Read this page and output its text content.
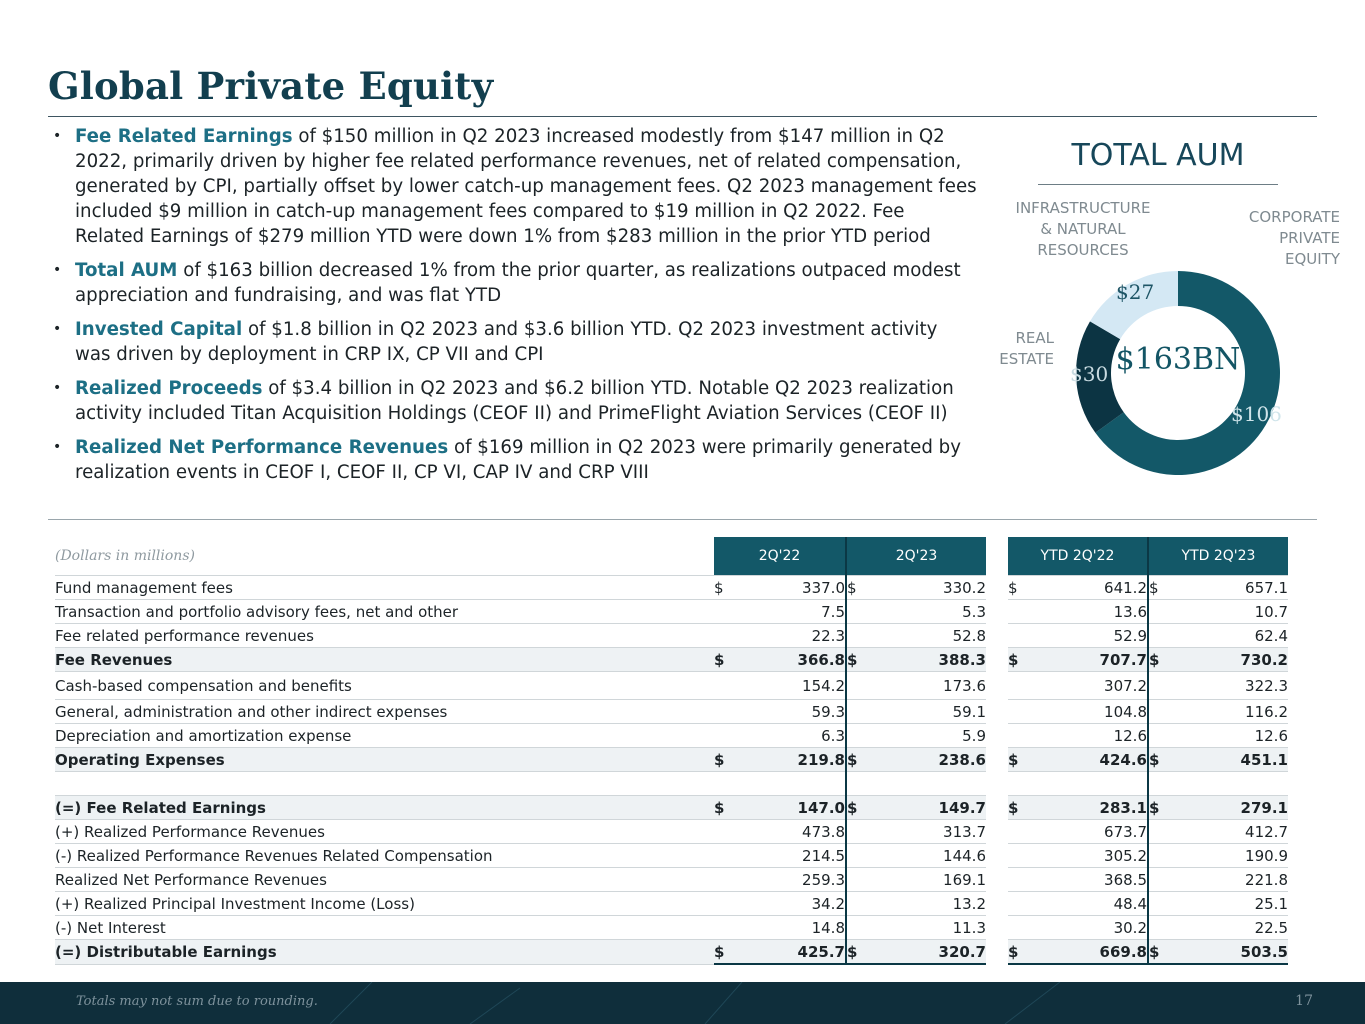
Global Private Equity
• Fee Related Earnings of $150 million in Q2 2023 increased modestly from $147 million in Q2 2022, primarily driven by higher fee related performance revenues, net of related compensation, generated by CPI, partially offset by lower catch-up management fees. Q2 2023 management fees included $9 million in catch-up management fees compared to $19 million in Q2 2022. Fee Related Earnings of $279 million YTD were down 1% from $283 million in the prior YTD period
• Total AUM of $163 billion decreased 1% from the prior quarter, as realizations outpaced modest appreciation and fundraising, and was flat YTD
• Invested Capital of $1.8 billion in Q2 2023 and $3.6 billion YTD. Q2 2023 investment activity was driven by deployment in CRP IX, CP VII and CPI
• Realized Proceeds of $3.4 billion in Q2 2023 and $6.2 billion YTD. Notable Q2 2023 realization activity included Titan Acquisition Holdings (CEOF II) and PrimeFlight Aviation Services (CEOF II)
• Realized Net Performance Revenues of $169 million in Q2 2023 were primarily generated by realization events in CEOF I, CEOF II, CP VI, CAP IV and CRP VIII
TOTAL AUM
INFRASTRUCTURE
& NATURAL
RESOURCES
CORPORATE
PRIVATE
EQUITY
REAL
ESTATE
$106
$30
$27
$163BN
(Dollars in millions)	2Q'22		2Q'23			YTD 2Q'22		YTD 2Q'23	
Fund management fees	$	337.0	$	330.2		$	641.2	$	657.1
Transaction and portfolio advisory fees, net and other		7.5		5.3			13.6		10.7
Fee related performance revenues		22.3		52.8			52.9		62.4
Fee Revenues	$	366.8	$	388.3		$	707.7	$	730.2
Cash-based compensation and benefits		154.2		173.6			307.2		322.3
General, administration and other indirect expenses		59.3		59.1			104.8		116.2
Depreciation and amortization expense		6.3		5.9			12.6		12.6
Operating Expenses	$	219.8	$	238.6		$	424.6	$	451.1

(=) Fee Related Earnings	$	147.0	$	149.7		$	283.1	$	279.1
(+) Realized Performance Revenues		473.8		313.7			673.7		412.7
(-) Realized Performance Revenues Related Compensation		214.5		144.6			305.2		190.9
Realized Net Performance Revenues		259.3		169.1			368.5		221.8
(+) Realized Principal Investment Income (Loss)		34.2		13.2			48.4		25.1
(-) Net Interest		14.8		11.3			30.2		22.5
(=) Distributable Earnings	$	425.7	$	320.7		$	669.8	$	503.5
Totals may not sum due to rounding.	17
